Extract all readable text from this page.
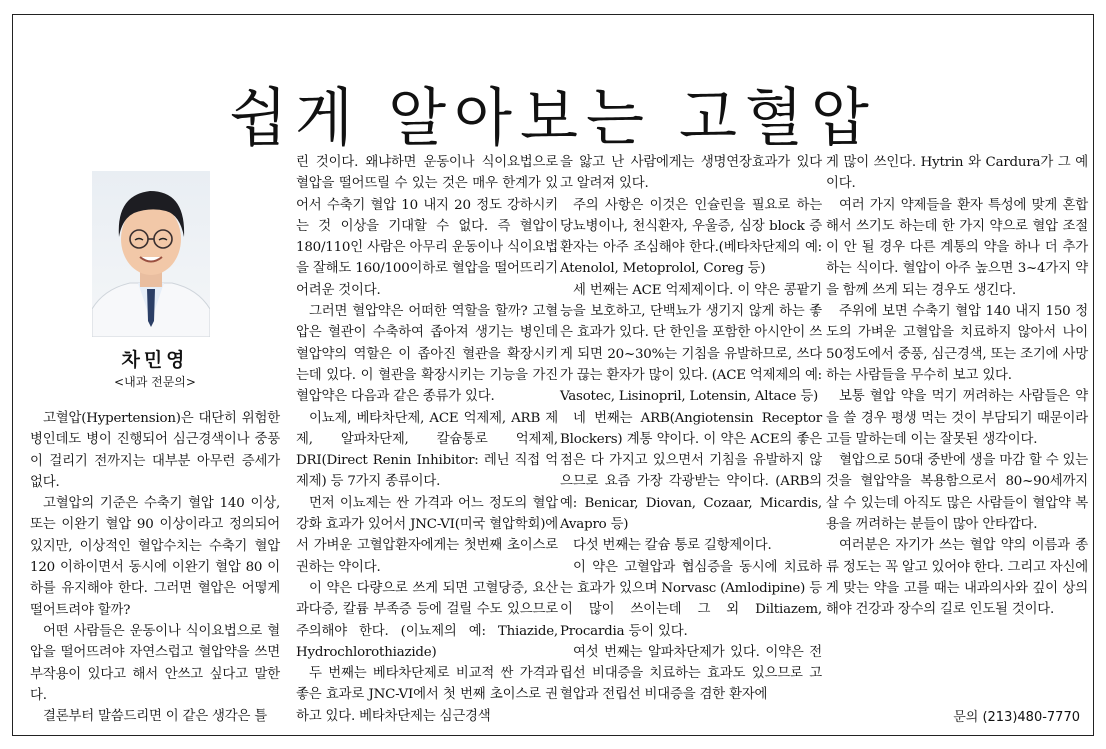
쉽게 알아보는 고혈압
차민영
<내과 전문의>

고혈압(Hypertension)은 대단히 위험한 병인데도 병이 진행되어 심근경색이나 중풍이 걸리기 전까지는 대부분 아무런 증세가 없다.

고혈압의 기준은 수축기 혈압 140 이상, 또는 이완기 혈압 90 이상이라고 정의되어 있지만, 이상적인 혈압수치는 수축기 혈압 120 이하이면서 동시에 이완기 혈압 80 이하를 유지해야 한다. 그러면 혈압은 어떻게 떨어트려야 할까?

어떤 사람들은 운동이나 식이요법으로 혈압을 떨어뜨려야 자연스럽고 혈압약을 쓰면 부작용이 있다고 해서 안쓰고 싶다고 말한다.

결론부터 말씀드리면 이 같은 생각은 틀

린 것이다. 왜냐하면 운동이나 식이요법으로 혈압을 떨어뜨릴 수 있는 것은 매우 한계가 있어서 수축기 혈압 10 내지 20 정도 강하시키는 것 이상을 기대할 수 없다. 즉 혈압이 180/110인 사람은 아무리 운동이나 식이요법을 잘해도 160/100이하로 혈압을 떨어뜨리기 어려운 것이다.

그러면 혈압약은 어떠한 역할을 할까? 고혈압은 혈관이 수축하여 좁아져 생기는 병인데 혈압약의 역할은 이 좁아진 혈관을 확장시키는데 있다. 이 혈관을 확장시키는 기능을 가진 혈압약은 다음과 같은 종류가 있다.

이뇨제, 베타차단제, ACE 억제제, ARB 제제, 알파차단제, 칼슘통로 억제제, DRI(Direct Renin Inhibitor: 레닌 직접 억제제) 등 7가지 종류이다.

먼저 이뇨제는 싼 가격과 어느 정도의 혈압 강화 효과가 있어서 JNC-VI(미국 혈압학회)에서 가벼운 고혈압환자에게는 첫번째 초이스로 권하는 약이다.

이 약은 다량으로 쓰게 되면 고혈당증, 요산과다증, 칼륨 부족증 등에 걸릴 수도 있으므로 주의해야 한다. (이뇨제의 예: Thiazide, Hydrochlorothiazide)

두 번째는 베타차단제로 비교적 싼 가격과 좋은 효과로 JNC-VI에서 첫 번째 초이스로 권하고 있다. 베타차단제는 심근경색

을 앓고 난 사람에게는 생명연장효과가 있다고 알려져 있다.

주의 사항은 이것은 인슐린을 필요로 하는 당뇨병이나, 천식환자, 우울증, 심장 block 증 환자는 아주 조심해야 한다.(베타차단제의 예: Atenolol, Metoprolol, Coreg 등)

세 번째는 ACE 억제제이다. 이 약은 콩팥기능을 보호하고, 단백뇨가 생기지 않게 하는 좋은 효과가 있다. 단 한인을 포함한 아시안이 쓰게 되면 20~30%는 기침을 유발하므로, 쓰다가 끊는 환자가 많이 있다. (ACE 억제제의 예: Vasotec, Lisinopril, Lotensin, Altace 등)

네 번째는 ARB(Angiotensin Receptor Blockers) 계통 약이다. 이 약은 ACE의 좋은 점은 다 가지고 있으면서 기침을 유발하지 않으므로 요즘 가장 각광받는 약이다. (ARB의 예: Benicar, Diovan, Cozaar, Micardis, Avapro 등)

다섯 번째는 칼슘 통로 길항제이다.

이 약은 고혈압과 협심증을 동시에 치료하는 효과가 있으며 Norvasc (Amlodipine) 등이 많이 쓰이는데 그 외 Diltiazem, Procardia 등이 있다.

여섯 번째는 알파차단제가 있다. 이약은 전립선 비대증을 치료하는 효과도 있으므로 고혈압과 전립선 비대증을 겸한 환자에

게 많이 쓰인다. Hytrin 와 Cardura가 그 예이다.

여러 가지 약제들을 환자 특성에 맞게 혼합해서 쓰기도 하는데 한 가지 약으로 혈압 조절이 안 될 경우 다른 계통의 약을 하나 더 추가하는 식이다. 혈압이 아주 높으면 3~4가지 약을 함께 쓰게 되는 경우도 생긴다.

주위에 보면 수축기 혈압 140 내지 150 정도의 가벼운 고혈압을 치료하지 않아서 나이 50정도에서 중풍, 심근경색, 또는 조기에 사망하는 사람들을 무수히 보고 있다.

보통 혈압 약을 먹기 꺼려하는 사람들은 약을 쓸 경우 평생 먹는 것이 부담되기 때문이라고들 말하는데 이는 잘못된 생각이다.

혈압으로 50대 중반에 생을 마감 할 수 있는 것을 혈압약을 복용함으로서 80~90세까지 살 수 있는데 아직도 많은 사람들이 혈압약 복용을 꺼려하는 분들이 많아 안타깝다.

여러분은 자기가 쓰는 혈압 약의 이름과 종류 정도는 꼭 알고 있어야 한다. 그리고 자신에게 맞는 약을 고를 때는 내과의사와 깊이 상의해야 건강과 장수의 길로 인도될 것이다.

문의 (213)480-7770
